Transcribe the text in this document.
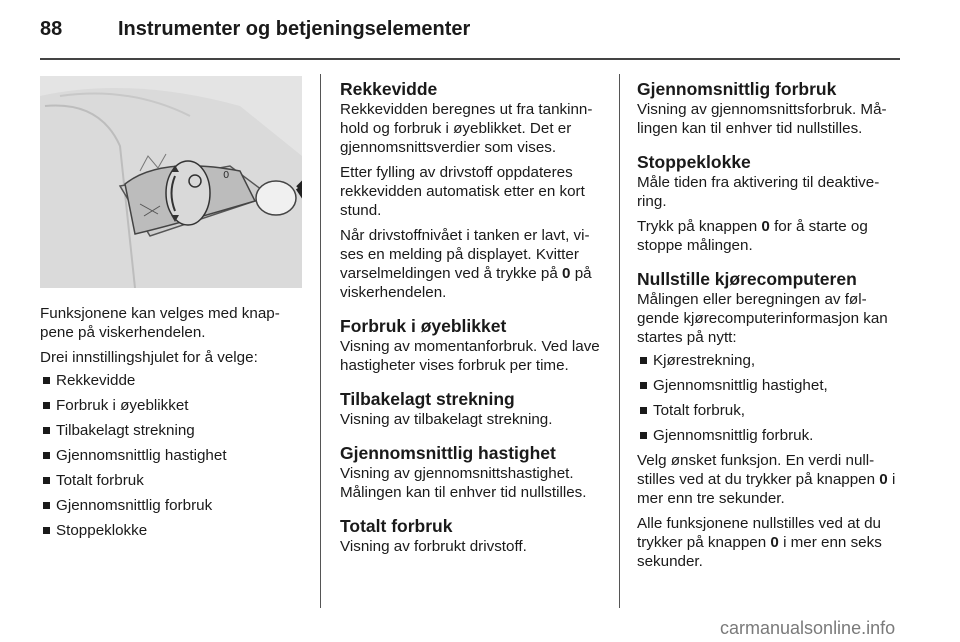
88	Instrumenter og betjeningselementer
0

Funksjonene kan velges med knap-pene på viskerhendelen.

Drei innstillingshjulet for å velge:

Rekkevidde
Forbruk i øyeblikket
Tilbakelagt strekning
Gjennomsnittlig hastighet
Totalt forbruk
Gjennomsnittlig forbruk
Stoppeklokke
Rekkevidde

Rekkevidden beregnes ut fra tankinn-hold og forbruk i øyeblikket. Det er gjennomsnittsverdier som vises.

Etter fylling av drivstoff oppdateres rekkevidden automatisk etter en kort stund.

Når drivstoffnivået i tanken er lavt, vi-ses en melding på displayet. Kvitter varselmeldingen ved å trykke på 0 på viskerhendelen.

Forbruk i øyeblikket

Visning av momentanforbruk. Ved lave hastigheter vises forbruk per time.

Tilbakelagt strekning

Visning av tilbakelagt strekning.

Gjennomsnittlig hastighet

Visning av gjennomsnittshastighet. Målingen kan til enhver tid nullstilles.

Totalt forbruk

Visning av forbrukt drivstoff.

Gjennomsnittlig forbruk

Visning av gjennomsnittsforbruk. Må-lingen kan til enhver tid nullstilles.

Stoppeklokke

Måle tiden fra aktivering til deaktive-ring.

Trykk på knappen 0 for å starte og stoppe målingen.

Nullstille kjørecomputeren

Målingen eller beregningen av føl-gende kjørecomputerinformasjon kan startes på nytt:

Kjørestrekning,
Gjennomsnittlig hastighet,
Totalt forbruk,
Gjennomsnittlig forbruk.

Velg ønsket funksjon. En verdi null-stilles ved at du trykker på knappen 0 i mer enn tre sekunder.

Alle funksjonene nullstilles ved at du trykker på knappen 0 i mer enn seks sekunder.

carmanualsonline.info
